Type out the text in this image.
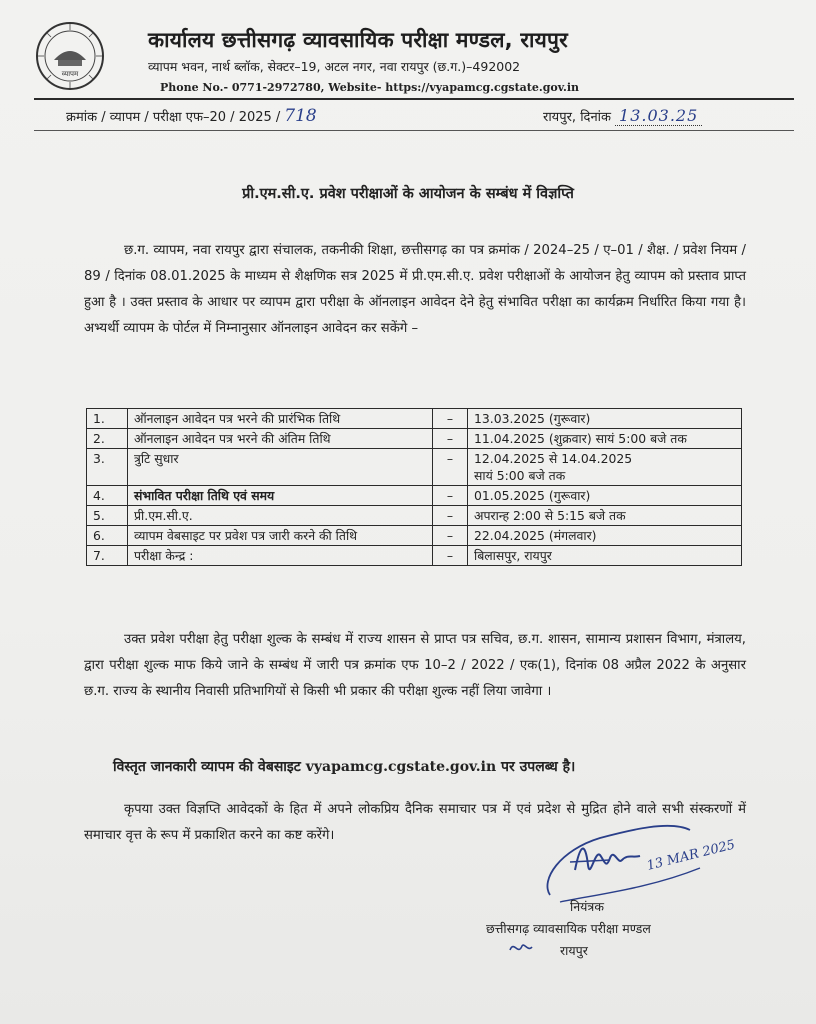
व्यापम
कार्यालय छत्तीसगढ़ व्यावसायिक परीक्षा मण्डल, रायपुर
व्यापम भवन, नार्थ ब्लॉक, सेक्टर–19, अटल नगर, नवा रायपुर (छ.ग.)–492002
Phone No.- 0771-2972780, Website- https://vyapamcg.cgstate.gov.in
क्रमांक / व्यापम / परीक्षा एफ–20 / 2025 / 718	रायपुर, दिनांक 13.03.25
प्री.एम.सी.ए. प्रवेश परीक्षाओं के आयोजन के सम्बंध में विज्ञप्ति

छ.ग. व्यापम, नवा रायपुर द्वारा संचालक, तकनीकी शिक्षा, छत्तीसगढ़ का पत्र क्रमांक / 2024–25 / ए–01 / शैक्ष. / प्रवेश नियम / 89 / दिनांक 08.01.2025 के माध्यम से शैक्षणिक सत्र 2025 में प्री.एम.सी.ए. प्रवेश परीक्षाओं के आयोजन हेतु व्यापम को प्रस्ताव प्राप्त हुआ है । उक्त प्रस्ताव के आधार पर व्यापम द्वारा परीक्षा के ऑनलाइन आवेदन देने हेतु संभावित परीक्षा का कार्यक्रम निर्धारित किया गया है। अभ्यर्थी व्यापम के पोर्टल में निम्नानुसार ऑनलाइन आवेदन कर सकेंगे –

1.	ऑनलाइन आवेदन पत्र भरने की प्रारंभिक तिथि	–	13.03.2025 (गुरूवार)

2.	ऑनलाइन आवेदन पत्र भरने की अंतिम तिथि	–	11.04.2025 (शुक्रवार) सायं 5:00 बजे तक

3.	त्रुटि सुधार	–	12.04.2025 से 14.04.2025
सायं 5:00 बजे तक

4.	संभावित परीक्षा तिथि एवं समय	–	01.05.2025 (गुरूवार)

5.	प्री.एम.सी.ए.	–	अपरान्ह 2:00 से 5:15 बजे तक

6.	व्यापम वेबसाइट पर प्रवेश पत्र जारी करने की तिथि	–	22.04.2025 (मंगलवार)

7.	परीक्षा केन्द्र :	–	बिलासपुर, रायपुर

उक्त प्रवेश परीक्षा हेतु परीक्षा शुल्क के सम्बंध में राज्य शासन से प्राप्त पत्र सचिव, छ.ग. शासन, सामान्य प्रशासन विभाग, मंत्रालय, द्वारा परीक्षा शुल्क माफ किये जाने के सम्बंध में जारी पत्र क्रमांक एफ 10–2 / 2022 / एक(1), दिनांक 08 अप्रैल 2022 के अनुसार छ.ग. राज्य के स्थानीय निवासी प्रतिभागियों से किसी भी प्रकार की परीक्षा शुल्क नहीं लिया जावेगा ।

विस्तृत जानकारी व्यापम की वेबसाइट vyapamcg.cgstate.gov.in पर उपलब्ध है।

कृपया उक्त विज्ञप्ति आवेदकों के हित में अपने लोकप्रिय दैनिक समाचार पत्र में एवं प्रदेश से मुद्रित होने वाले सभी संस्करणों में समाचार वृत्त के रूप में प्रकाशित करने का कष्ट करेंगे।

13 MAR 2025
नियंत्रक
छत्तीसगढ़ व्यावसायिक परीक्षा मण्डल
रायपुर
